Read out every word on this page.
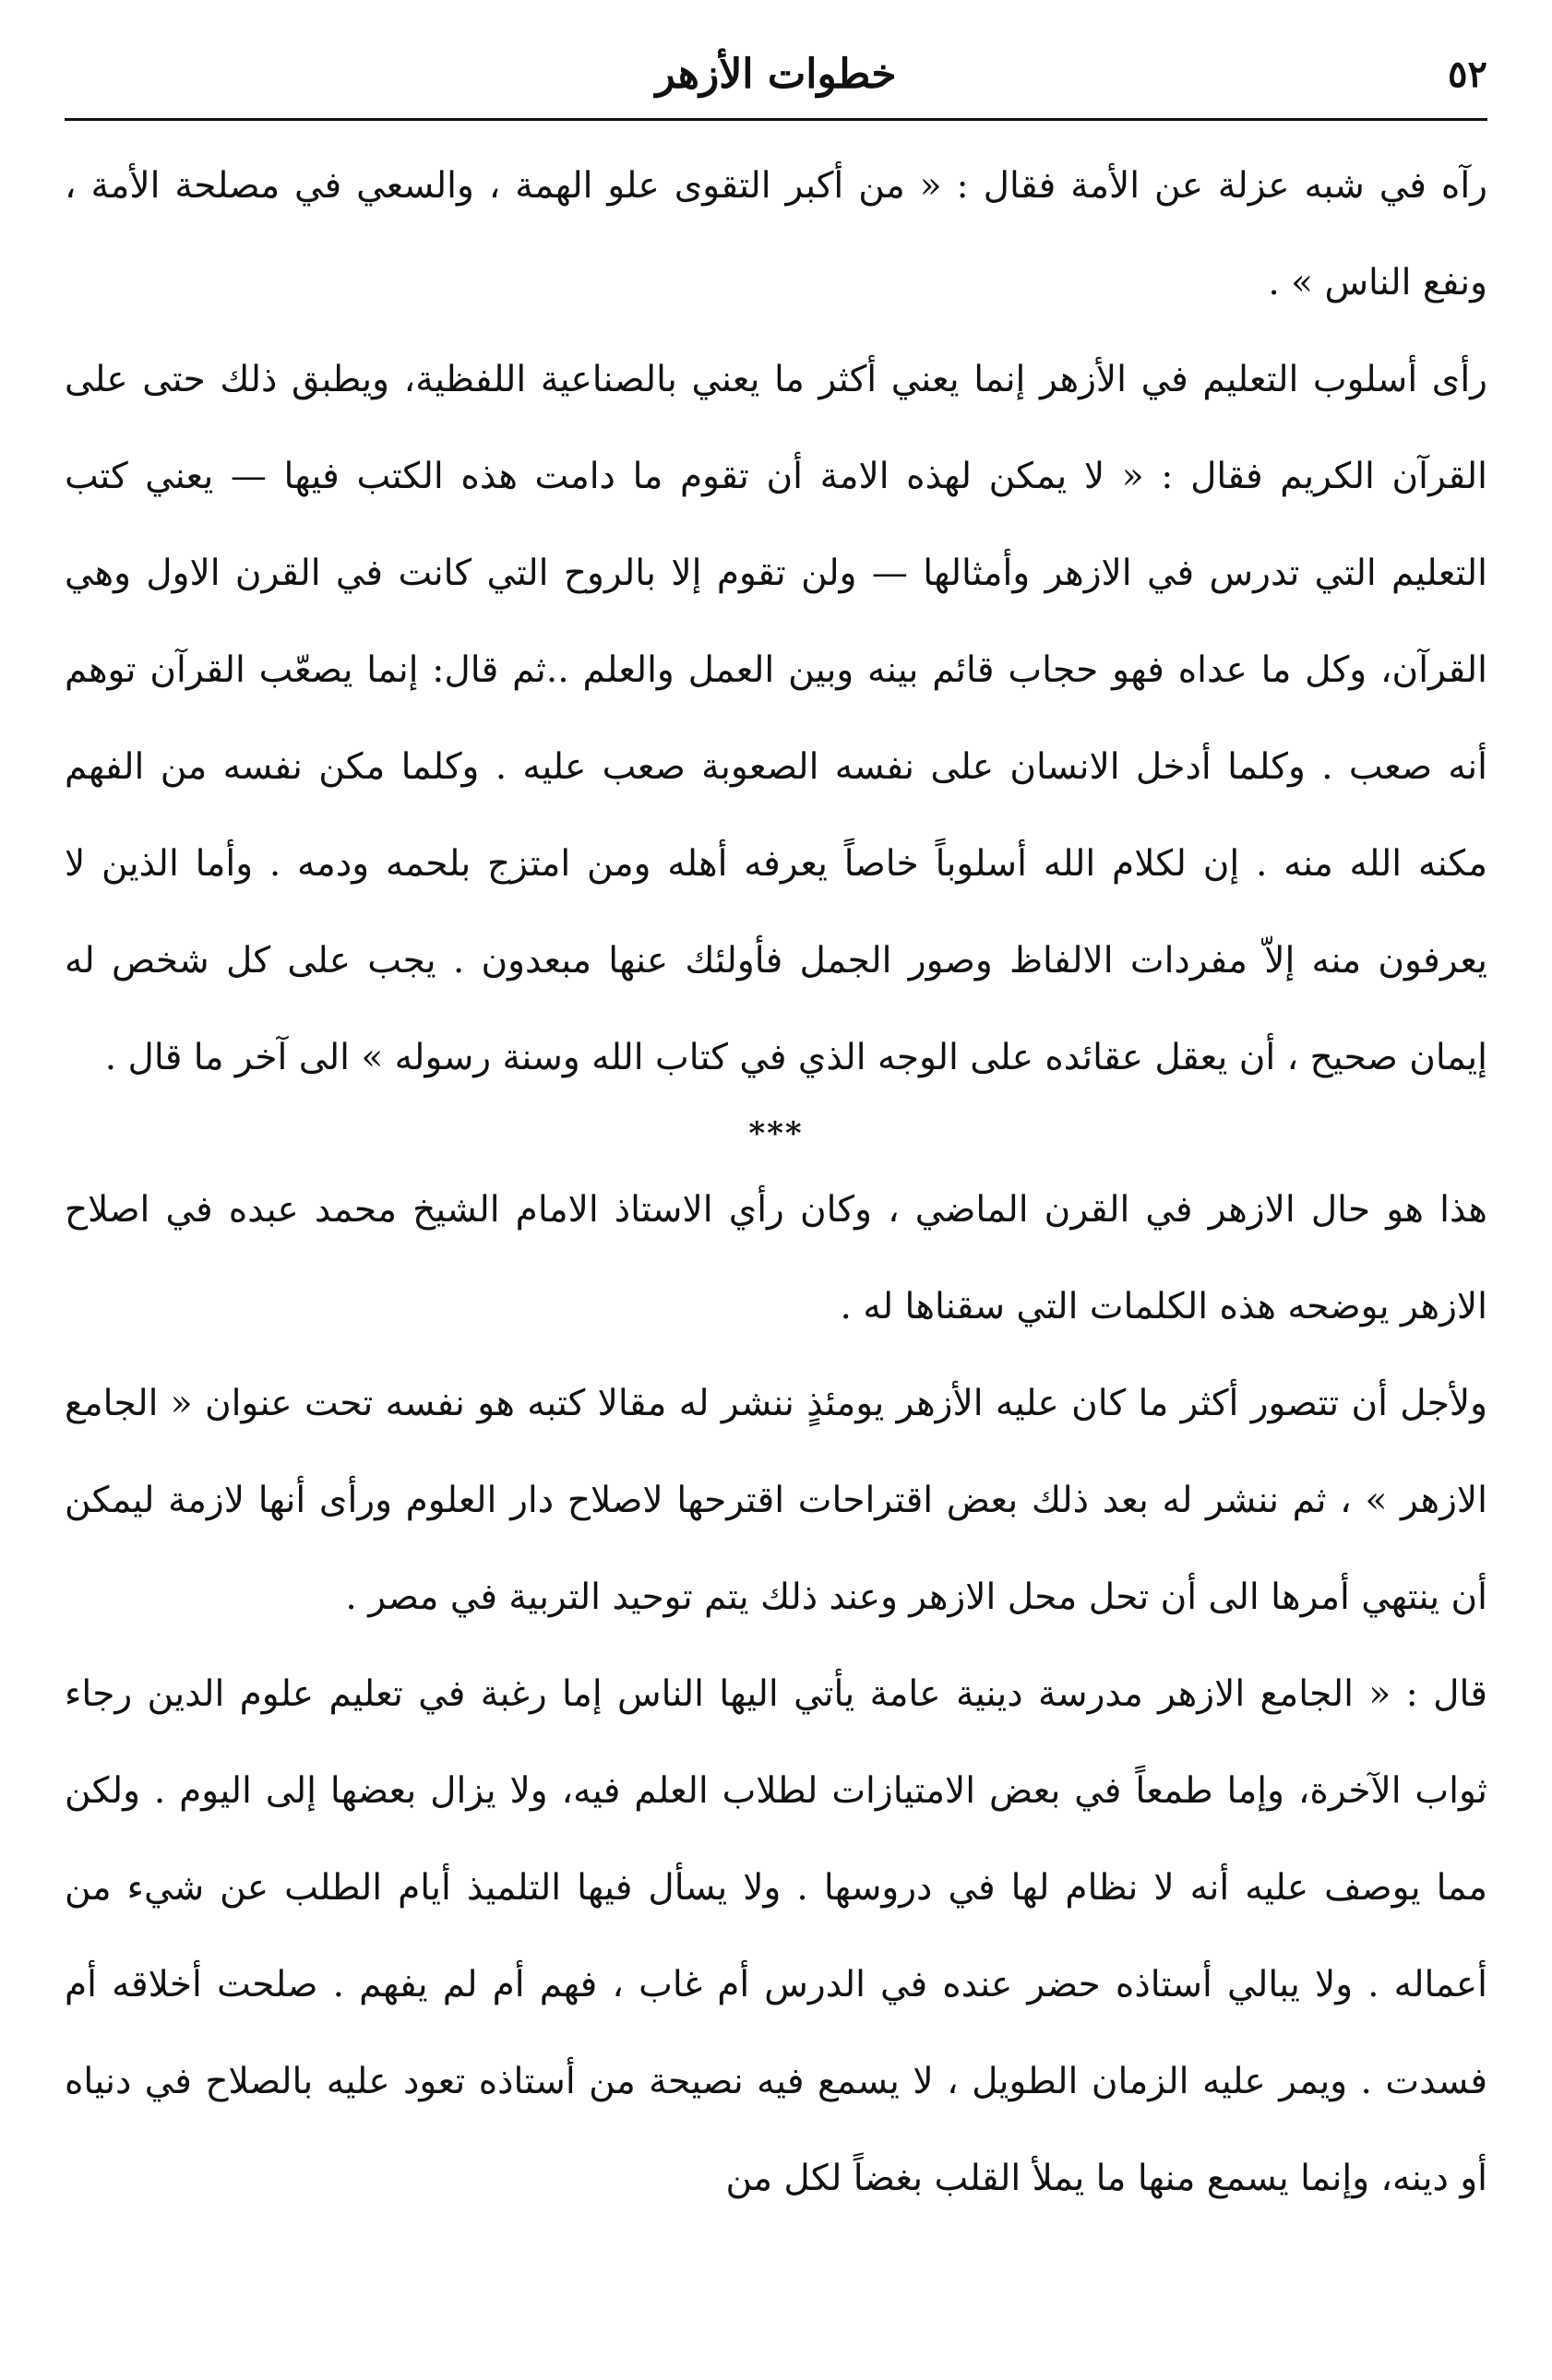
٥٢
خطوات الأزهر

رآه في شبه عزلة عن الأمة فقال : « من أكبر التقوى علو الهمة ، والسعي في مصلحة الأمة ، ونفع الناس » .

رأى أسلوب التعليم في الأزهر إنما يعني أكثر ما يعني بالصناعية اللفظية، ويطبق ذلك حتى على القرآن الكريم فقال : « لا يمكن لهذه الامة أن تقوم ما دامت هذه الكتب فيها — يعني كتب التعليم التي تدرس في الازهر وأمثالها — ولن تقوم إلا بالروح التي كانت في القرن الاول وهي القرآن، وكل ما عداه فهو حجاب قائم بينه وبين العمل والعلم ..ثم قال: إنما يصعّب القرآن توهم أنه صعب . وكلما أدخل الانسان على نفسه الصعوبة صعب عليه . وكلما مكن نفسه من الفهم مكنه الله منه . إن لكلام الله أسلوباً خاصاً يعرفه أهله ومن امتزج بلحمه ودمه . وأما الذين لا يعرفون منه إلاّ مفردات الالفاظ وصور الجمل فأولئك عنها مبعدون . يجب على كل شخص له إيمان صحيح ، أن يعقل عقائده على الوجه الذي في كتاب الله وسنة رسوله » الى آخر ما قال .

***

هذا هو حال الازهر في القرن الماضي ، وكان رأي الاستاذ الامام الشيخ محمد عبده في اصلاح الازهر يوضحه هذه الكلمات التي سقناها له .

ولأجل أن تتصور أكثر ما كان عليه الأزهر يومئذٍ ننشر له مقالا كتبه هو نفسه تحت عنوان « الجامع الازهر » ، ثم ننشر له بعد ذلك بعض اقتراحات اقترحها لاصلاح دار العلوم ورأى أنها لازمة ليمكن أن ينتهي أمرها الى أن تحل محل الازهر وعند ذلك يتم توحيد التربية في مصر .

قال : « الجامع الازهر مدرسة دينية عامة يأتي اليها الناس إما رغبة في تعليم علوم الدين رجاء ثواب الآخرة، وإما طمعاً في بعض الامتيازات لطلاب العلم فيه، ولا يزال بعضها إلى اليوم . ولكن مما يوصف عليه أنه لا نظام لها في دروسها . ولا يسأل فيها التلميذ أيام الطلب عن شيء من أعماله . ولا يبالي أستاذه حضر عنده في الدرس أم غاب ، فهم أم لم يفهم . صلحت أخلاقه أم فسدت . ويمر عليه الزمان الطويل ، لا يسمع فيه نصيحة من أستاذه تعود عليه بالصلاح في دنياه أو دينه، وإنما يسمع منها ما يملأ القلب بغضاً لكل من
